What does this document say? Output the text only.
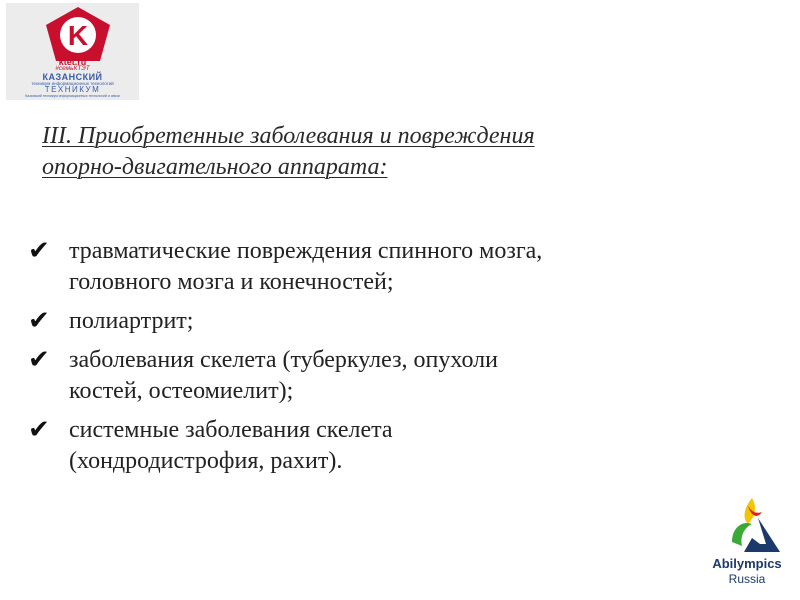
K
ktet.ru
#семьКТЭТ
КАЗАНСКИЙ
техникум информационных технологий
ТЕХНИКУМ
Казанский техникум информационных технологий и связи
III. Приобретенные заболевания и повреждения
опорно-двигательного аппарата:
✔ травматические повреждения спинного мозга,
головного мозга и конечностей;
✔ полиартрит;
✔ заболевания скелета (туберкулез, опухоли
костей, остеомиелит);
✔ системные заболевания скелета
(хондродистрофия, рахит).
Abilympics
Russia
